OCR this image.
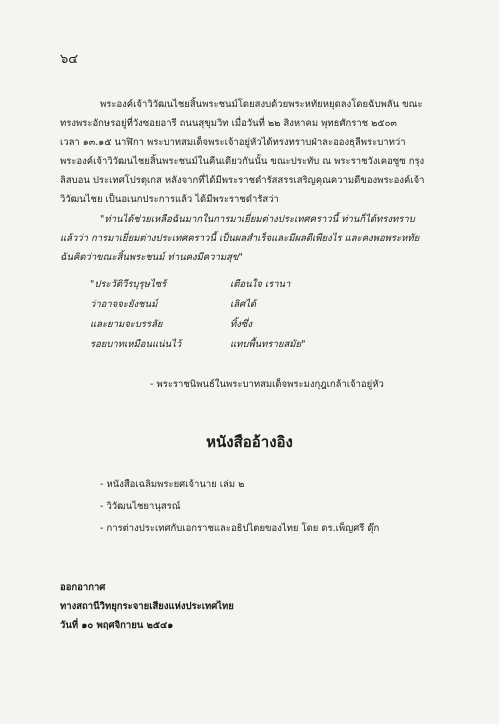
๖๔
พระองค์เจ้าวิวัฒนไชยสิ้นพระชนม์โดยสงบด้วยพระหทัยหยุดลงโดยฉับพลัน ขณะ
ทรงพระอักษรอยู่ที่วังซอยอารี ถนนสุขุมวิท เมื่อวันที่ ๒๒ สิงหาคม พุทธศักราช ๒๕๐๓
เวลา ๑๓.๑๕ นาฬิกา พระบาทสมเด็จพระเจ้าอยู่หัวได้ทรงทราบฝ่าละอองธุลีพระบาทว่า
พระองค์เจ้าวิวัฒนไชยสิ้นพระชนม์ในคืนเดียวกันนั้น ขณะประทับ ณ พระราชวังเคอซูซ กรุง
ลิสบอน ประเทศโปรตุเกส หลังจากที่ได้มีพระราชดำรัสสรรเสริญคุณความดีของพระองค์เจ้า
วิวัฒนไชย เป็นอเนกประการแล้ว ได้มีพระราชดำรัสว่า
"ท่านได้ช่วยเหลือฉันมากในการมาเยี่ยมต่างประเทศคราวนี้ ท่านก็ได้ทรงทราบ
แล้วว่า การมาเยี่ยมต่างประเทศคราวนี้ เป็นผลสำเร็จและมีผลดีเพียงไร และคงพอพระหทัย
ฉันคิดว่าขณะสิ้นพระชนม์ ท่านคงมีความสุข"
"ประวัติวีรบุรุษไซร้	เตือนใจ เรานา
ว่าอาจจะยังชนม์	เลิศได้
และยามจะบรรลัย	ทิ้งซึ่ง
รอยบาทเหมือนแน่นไว้	แทบพื้นทรายสมัย"
- พระราชนิพนธ์ในพระบาทสมเด็จพระมงกุฎเกล้าเจ้าอยู่หัว
หนังสืออ้างอิง
- หนังสือเฉลิมพระยศเจ้านาย เล่ม ๒
- วิวัฒนไชยานุสรณ์
- การต่างประเทศกับเอกราชและอธิปไตยของไทย โดย ดร.เพ็ญศรี ดุ๊ก
ออกอากาศ
ทางสถานีวิทยุกระจายเสียงแห่งประเทศไทย
วันที่ ๑๐ พฤศจิกายน ๒๕๔๑
